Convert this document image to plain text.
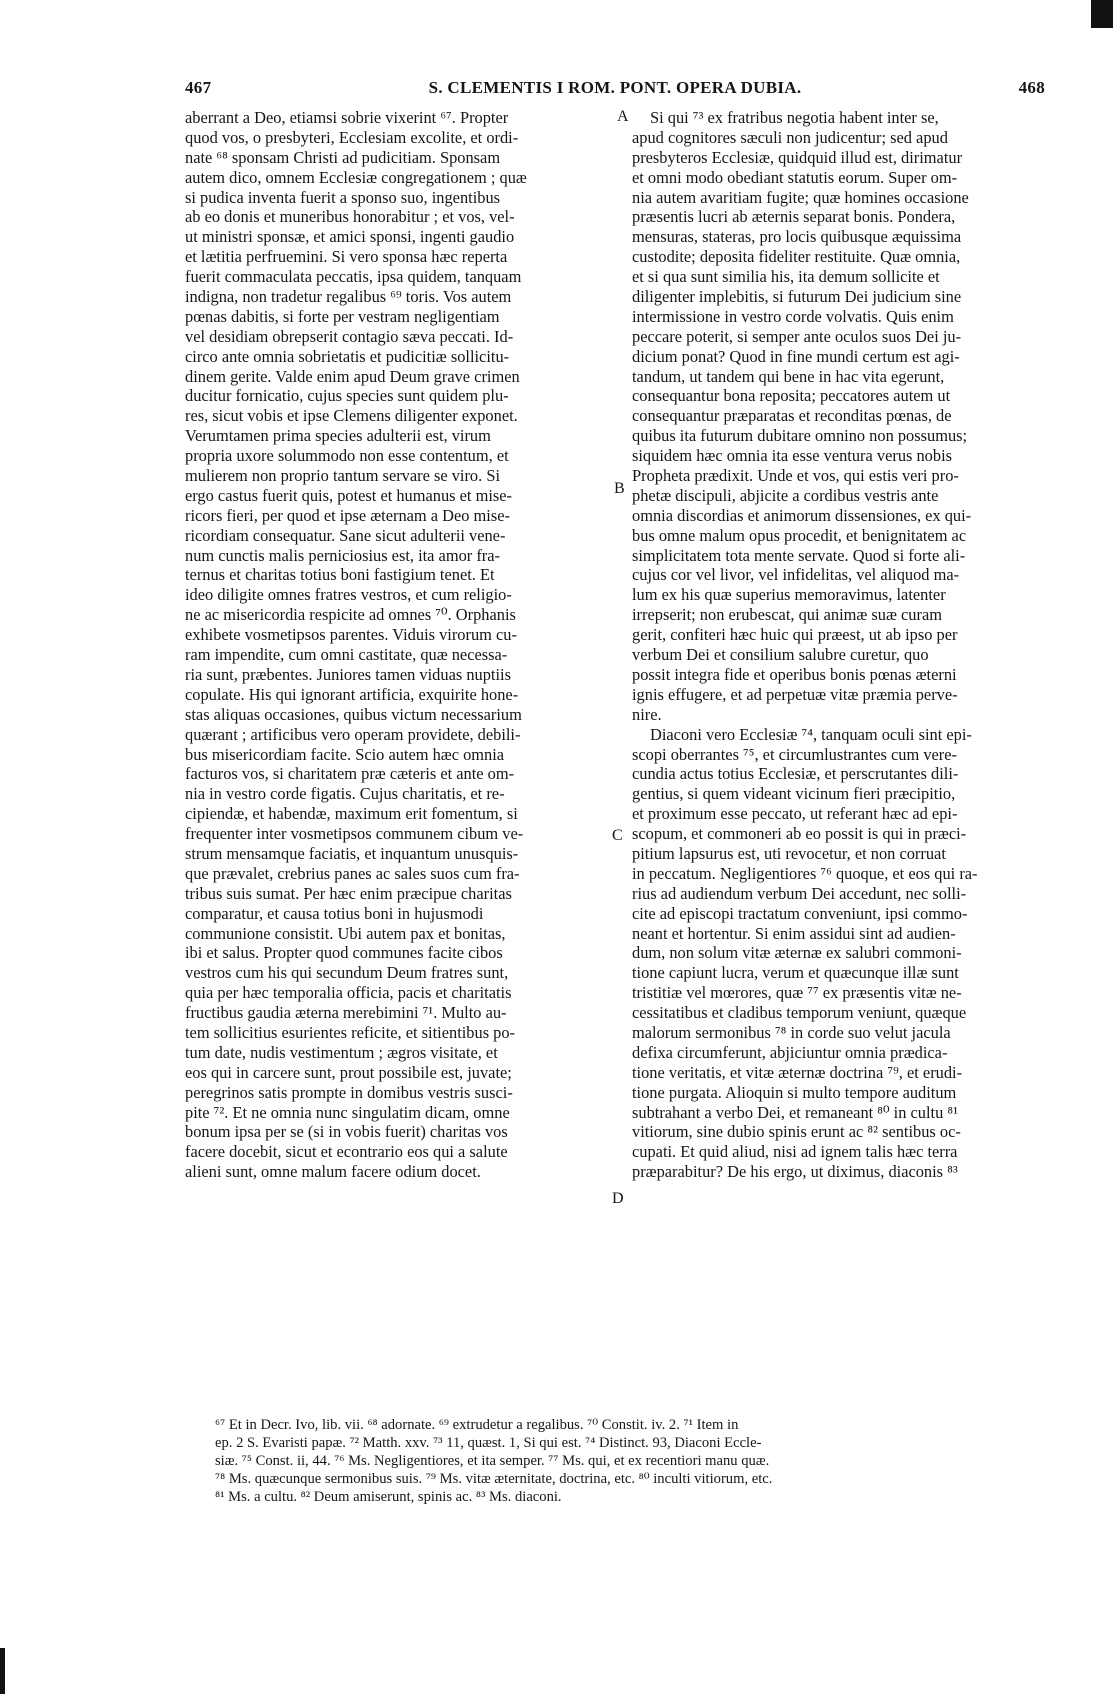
467	S. CLEMENTIS I ROM. PONT. OPERA DUBIA.	468
aberrant a Deo, etiamsi sobrie vixerint ⁶⁷. Propter
quod vos, o presbyteri, Ecclesiam excolite, et ordi-
nate ⁶⁸ sponsam Christi ad pudicitiam. Sponsam
autem dico, omnem Ecclesiæ congregationem ; quæ
si pudica inventa fuerit a sponso suo, ingentibus
ab eo donis et muneribus honorabitur ; et vos, vel-
ut ministri sponsæ, et amici sponsi, ingenti gaudio
et lætitia perfruemini. Si vero sponsa hæc reperta
fuerit commaculata peccatis, ipsa quidem, tanquam
indigna, non tradetur regalibus ⁶⁹ toris. Vos autem
pœnas dabitis, si forte per vestram negligentiam
vel desidiam obrepserit contagio sæva peccati. Id-
circo ante omnia sobrietatis et pudicitiæ sollicitu-
dinem gerite. Valde enim apud Deum grave crimen
ducitur fornicatio, cujus species sunt quidem plu-
res, sicut vobis et ipse Clemens diligenter exponet.
Verumtamen prima species adulterii est, virum
propria uxore solummodo non esse contentum, et
mulierem non proprio tantum servare se viro. Si
ergo castus fuerit quis, potest et humanus et mise-
ricors fieri, per quod et ipse æternam a Deo mise-
ricordiam consequatur. Sane sicut adulterii vene-
num cunctis malis perniciosius est, ita amor fra-
ternus et charitas totius boni fastigium tenet. Et
ideo diligite omnes fratres vestros, et cum religio-
ne ac misericordia respicite ad omnes ⁷⁰. Orphanis
exhibete vosmetipsos parentes. Viduis virorum cu-
ram impendite, cum omni castitate, quæ necessa-
ria sunt, præbentes. Juniores tamen viduas nuptiis
copulate. His qui ignorant artificia, exquirite hone-
stas aliquas occasiones, quibus victum necessarium
quærant ; artificibus vero operam providete, debili-
bus misericordiam facite. Scio autem hæc omnia
facturos vos, si charitatem præ cæteris et ante om-
nia in vestro corde figatis. Cujus charitatis, et re-
cipiendæ, et habendæ, maximum erit fomentum, si
frequenter inter vosmetipsos communem cibum ve-
strum mensamque faciatis, et inquantum unusquis-
que prævalet, crebrius panes ac sales suos cum fra-
tribus suis sumat. Per hæc enim præcipue charitas
comparatur, et causa totius boni in hujusmodi
communione consistit. Ubi autem pax et bonitas,
ibi et salus. Propter quod communes facite cibos
vestros cum his qui secundum Deum fratres sunt,
quia per hæc temporalia officia, pacis et charitatis
fructibus gaudia æterna merebimini ⁷¹. Multo au-
tem sollicitius esurientes reficite, et sitientibus po-
tum date, nudis vestimentum ; ægros visitate, et
eos qui in carcere sunt, prout possibile est, juvate;
peregrinos satis prompte in domibus vestris susci-
pite ⁷². Et ne omnia nunc singulatim dicam, omne
bonum ipsa per se (si in vobis fuerit) charitas vos
facere docebit, sicut et econtrario eos qui a salute
alieni sunt, omne malum facere odium docet.
Si qui ⁷³ ex fratribus negotia habent inter se,
apud cognitores sæculi non judicentur; sed apud
presbyteros Ecclesiæ, quidquid illud est, dirimatur
et omni modo obediant statutis eorum. Super om-
nia autem avaritiam fugite; quæ homines occasione
præsentis lucri ab æternis separat bonis. Pondera,
mensuras, stateras, pro locis quibusque æquissima
custodite; deposita fideliter restituite. Quæ omnia,
et si qua sunt similia his, ita demum sollicite et
diligenter implebitis, si futurum Dei judicium sine
intermissione in vestro corde volvatis. Quis enim
peccare poterit, si semper ante oculos suos Dei ju-
dicium ponat? Quod in fine mundi certum est agi-
tandum, ut tandem qui bene in hac vita egerunt,
consequantur bona reposita; peccatores autem ut
consequantur præparatas et reconditas pœnas, de
quibus ita futurum dubitare omnino non possumus;
siquidem hæc omnia ita esse ventura verus nobis
Propheta prædixit. Unde et vos, qui estis veri pro-
phetæ discipuli, abjicite a cordibus vestris ante
omnia discordias et animorum dissensiones, ex qui-
bus omne malum opus procedit, et benignitatem ac
simplicitatem tota mente servate. Quod si forte ali-
cujus cor vel livor, vel infidelitas, vel aliquod ma-
lum ex his quæ superius memoravimus, latenter
irrepserit; non erubescat, qui animæ suæ curam
gerit, confiteri hæc huic qui præest, ut ab ipso per
verbum Dei et consilium salubre curetur, quo
possit integra fide et operibus bonis pœnas æterni
ignis effugere, et ad perpetuæ vitæ præmia perve-
nire.
Diaconi vero Ecclesiæ ⁷⁴, tanquam oculi sint epi-
scopi oberrantes ⁷⁵, et circumlustrantes cum vere-
cundia actus totius Ecclesiæ, et perscrutantes dili-
gentius, si quem videant vicinum fieri præcipitio,
et proximum esse peccato, ut referant hæc ad epi-
scopum, et commoneri ab eo possit is qui in præci-
pitium lapsurus est, uti revocetur, et non corruat
in peccatum. Negligentiores ⁷⁶ quoque, et eos qui ra-
rius ad audiendum verbum Dei accedunt, nec solli-
cite ad episcopi tractatum conveniunt, ipsi commo-
neant et hortentur. Si enim assidui sint ad audien-
dum, non solum vitæ æternæ ex salubri commoni-
tione capiunt lucra, verum et quæcunque illæ sunt
tristitiæ vel mœrores, quæ ⁷⁷ ex præsentis vitæ ne-
cessitatibus et cladibus temporum veniunt, quæque
malorum sermonibus ⁷⁸ in corde suo velut jacula
defixa circumferunt, abjiciuntur omnia prædica-
tione veritatis, et vitæ æternæ doctrina ⁷⁹, et erudi-
tione purgata. Alioquin si multo tempore auditum
subtrahant a verbo Dei, et remaneant ⁸⁰ in cultu ⁸¹
vitiorum, sine dubio spinis erunt ac ⁸² sentibus oc-
cupati. Et quid aliud, nisi ad ignem talis hæc terra
præparabitur? De his ergo, ut diximus, diaconis ⁸³
A
B
C
D
⁶⁷ Et in Decr. Ivo, lib. vii. ⁶⁸ adornate. ⁶⁹ extrudetur a regalibus. ⁷⁰ Constit. iv. 2. ⁷¹ Item in
ep. 2 S. Evaristi papæ. ⁷² Matth. xxv. ⁷³ 11, quæst. 1, Si qui est. ⁷⁴ Distinct. 93, Diaconi Eccle-
siæ. ⁷⁵ Const. ii, 44. ⁷⁶ Ms. Negligentiores, et ita semper. ⁷⁷ Ms. qui, et ex recentiori manu quæ.
⁷⁸ Ms. quæcunque sermonibus suis. ⁷⁹ Ms. vitæ æternitate, doctrina, etc. ⁸⁰ inculti vitiorum, etc.
⁸¹ Ms. a cultu. ⁸² Deum amiserunt, spinis ac. ⁸³ Ms. diaconi.
